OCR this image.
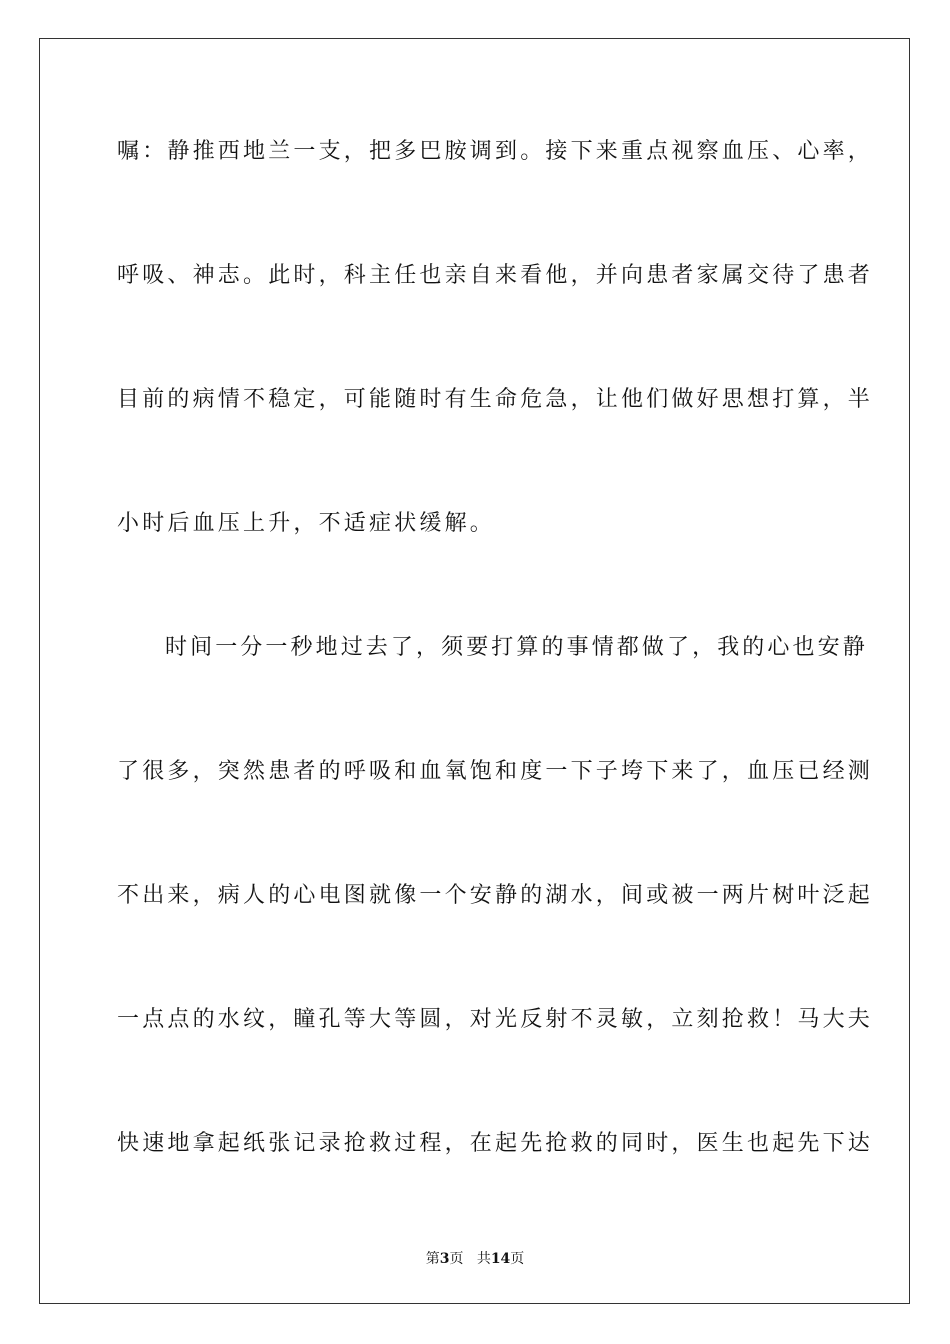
嘱：静推西地兰一支，把多巴胺调到。接下来重点视察血压、心率，
呼吸、神志。此时，科主任也亲自来看他，并向患者家属交待了患者
目前的病情不稳定，可能随时有生命危急，让他们做好思想打算，半
小时后血压上升，不适症状缓解。
时间一分一秒地过去了，须要打算的事情都做了，我的心也安静
了很多，突然患者的呼吸和血氧饱和度一下子垮下来了，血压已经测
不出来，病人的心电图就像一个安静的湖水，间或被一两片树叶泛起
一点点的水纹，瞳孔等大等圆，对光反射不灵敏，立刻抢救！马大夫
快速地拿起纸张记录抢救过程，在起先抢救的同时，医生也起先下达
第3页 共14页
